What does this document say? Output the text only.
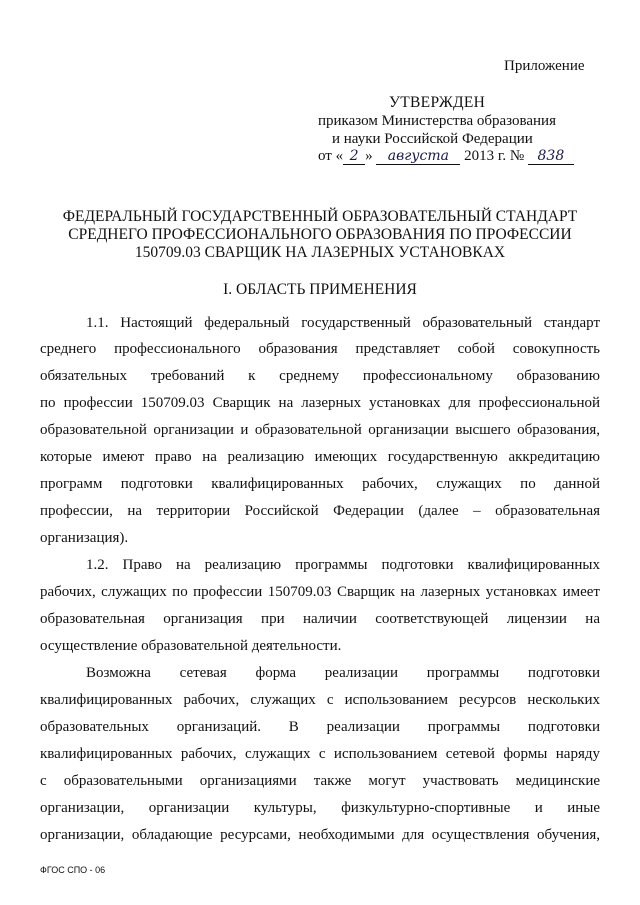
Приложение
УТВЕРЖДЕН
приказом Министерства образования
и науки Российской Федерации
от « 2 » августа 2013 г. № 838
ФЕДЕРАЛЬНЫЙ ГОСУДАРСТВЕННЫЙ ОБРАЗОВАТЕЛЬНЫЙ СТАНДАРТ
СРЕДНЕГО ПРОФЕССИОНАЛЬНОГО ОБРАЗОВАНИЯ ПО ПРОФЕССИИ
150709.03 СВАРЩИК НА ЛАЗЕРНЫХ УСТАНОВКАХ
I. ОБЛАСТЬ ПРИМЕНЕНИЯ
1.1. Настоящий федеральный государственный образовательный стандарт
среднего профессионального образования представляет собой совокупность
обязательных требований к среднему профессиональному образованию
по профессии 150709.03 Сварщик на лазерных установках для профессиональной
образовательной организации и образовательной организации высшего образования,
которые имеют право на реализацию имеющих государственную аккредитацию
программ подготовки квалифицированных рабочих, служащих по данной
профессии, на территории Российской Федерации (далее – образовательная
организация).
1.2. Право на реализацию программы подготовки квалифицированных
рабочих, служащих по профессии 150709.03 Сварщик на лазерных установках имеет
образовательная организация при наличии соответствующей лицензии на
осуществление образовательной деятельности.
Возможна сетевая форма реализации программы подготовки
квалифицированных рабочих, служащих с использованием ресурсов нескольких
образовательных организаций. В реализации программы подготовки
квалифицированных рабочих, служащих с использованием сетевой формы наряду
с образовательными организациями также могут участвовать медицинские
организации, организации культуры, физкультурно-спортивные и иные
организации, обладающие ресурсами, необходимыми для осуществления обучения,
ФГОС СПО - 06
